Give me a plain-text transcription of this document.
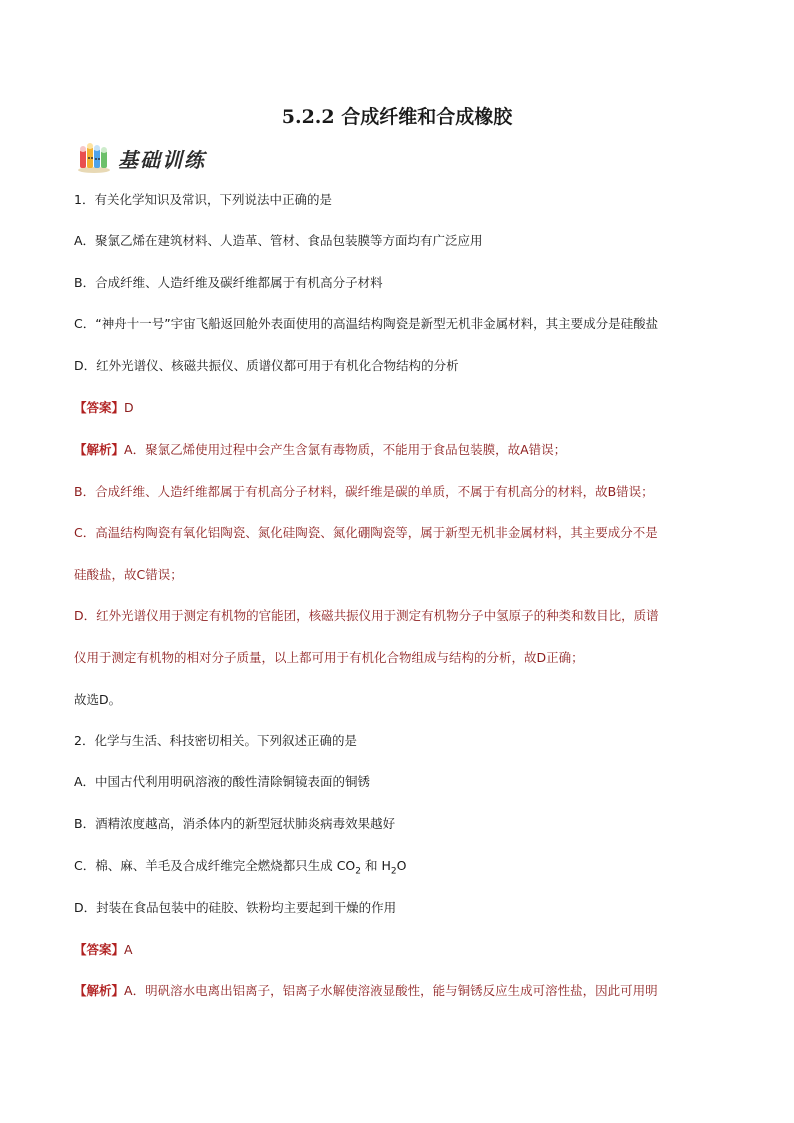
5.2.2 合成纤维和合成橡胶
基础训练
1．有关化学知识及常识，下列说法中正确的是
A．聚氯乙烯在建筑材料、人造革、管材、食品包装膜等方面均有广泛应用
B．合成纤维、人造纤维及碳纤维都属于有机高分子材料
C．“神舟十一号”宇宙飞船返回舱外表面使用的高温结构陶瓷是新型无机非金属材料，其主要成分是硅酸盐
D．红外光谱仪、核磁共振仪、质谱仪都可用于有机化合物结构的分析
【答案】D
【解析】A．聚氯乙烯使用过程中会产生含氯有毒物质，不能用于食品包装膜，故A错误；
B．合成纤维、人造纤维都属于有机高分子材料，碳纤维是碳的单质，不属于有机高分的材料，故B错误；
C．高温结构陶瓷有氧化铝陶瓷、氮化硅陶瓷、氮化硼陶瓷等，属于新型无机非金属材料，其主要成分不是
硅酸盐，故C错误；
D．红外光谱仪用于测定有机物的官能团，核磁共振仪用于测定有机物分子中氢原子的种类和数目比，质谱
仪用于测定有机物的相对分子质量，以上都可用于有机化合物组成与结构的分析，故D正确；
故选D。
2．化学与生活、科技密切相关。下列叙述正确的是
A．中国古代利用明矾溶液的酸性清除铜镜表面的铜锈
B．酒精浓度越高，消杀体内的新型冠状肺炎病毒效果越好
C．棉、麻、羊毛及合成纤维完全燃烧都只生成 $CO_2$ 和 $H_2O$
D．封装在食品包装中的硅胶、铁粉均主要起到干燥的作用
【答案】A
【解析】A．明矾溶水电离出铝离子，铝离子水解使溶液显酸性，能与铜锈反应生成可溶性盐，因此可用明
